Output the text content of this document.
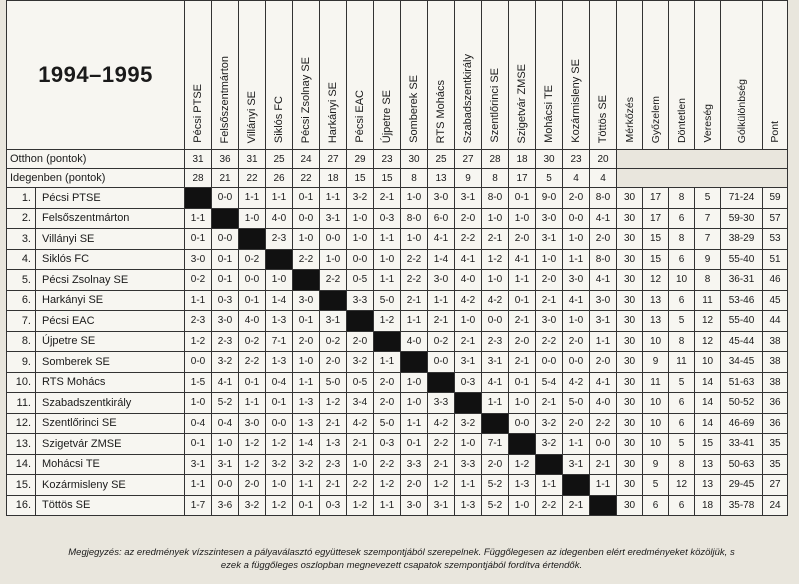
1994–1995		Pécsi PTSE	Felsőszentmárton	Villányi SE	Siklós FC	Pécsi Zsolnay SE	Harkányi SE	Pécsi EAC	Újpetre SE	Somberek SE	RTS Mohács	Szabadszentkirály	Szentlőrinci SE	Szigetvár ZMSE	Mohácsi TE	Kozármisleny SE	Töttös SE	Mérkőzés	Győzelem	Döntetlen	Vereség	Gólkülönbség	Pont

Otthon (pontok)		31	36	31	25	24	27	29	23	30	25	27	28	18	30	23	20						
Idegenben (pontok)		28	21	22	26	22	18	15	15	8	13	9	8	17	5	4	4						
1.	Pécsi PTSE		0-0	1-1	1-1	0-1	1-1	3-2	2-1	1-0	3-0	3-1	8-0	0-1	9-0	2-0	8-0	30	17	8	5	71-24	59
2.	Felsőszentmárton	1-1		1-0	4-0	0-0	3-1	1-0	0-3	8-0	6-0	2-0	1-0	1-0	3-0	0-0	4-1	30	17	6	7	59-30	57
3.	Villányi SE	0-1	0-0		2-3	1-0	0-0	1-0	1-1	1-0	4-1	2-2	2-1	2-0	3-1	1-0	2-0	30	15	8	7	38-29	53
4.	Siklós FC	3-0	0-1	0-2		2-2	1-0	0-0	1-0	2-2	1-4	4-1	1-2	4-1	1-0	1-1	8-0	30	15	6	9	55-40	51
5.	Pécsi Zsolnay SE	0-2	0-1	0-0	1-0		2-2	0-5	1-1	2-2	3-0	4-0	1-0	1-1	2-0	3-0	4-1	30	12	10	8	36-31	46
6.	Harkányi SE	1-1	0-3	0-1	1-4	3-0		3-3	5-0	2-1	1-1	4-2	4-2	0-1	2-1	4-1	3-0	30	13	6	11	53-46	45
7.	Pécsi EAC	2-3	3-0	4-0	1-3	0-1	3-1		1-2	1-1	2-1	1-0	0-0	2-1	3-0	1-0	3-1	30	13	5	12	55-40	44
8.	Újpetre SE	1-2	2-3	0-2	7-1	2-0	0-2	2-0		4-0	0-2	2-1	2-3	2-0	2-2	2-0	1-1	30	10	8	12	45-44	38
9.	Somberek SE	0-0	3-2	2-2	1-3	1-0	2-0	3-2	1-1		0-0	3-1	3-1	2-1	0-0	0-0	2-0	30	9	11	10	34-45	38
10.	RTS Mohács	1-5	4-1	0-1	0-4	1-1	5-0	0-5	2-0	1-0		0-3	4-1	0-1	5-4	4-2	4-1	30	11	5	14	51-63	38
11.	Szabadszentkirály	1-0	5-2	1-1	0-1	1-3	1-2	3-4	2-0	1-0	3-3		1-1	1-0	2-1	5-0	4-0	30	10	6	14	50-52	36
12.	Szentlőrinci SE	0-4	0-4	3-0	0-0	1-3	2-1	4-2	5-0	1-1	4-2	3-2		0-0	3-2	2-0	2-2	30	10	6	14	46-69	36
13.	Szigetvár ZMSE	0-1	1-0	1-2	1-2	1-4	1-3	2-1	0-3	0-1	2-2	1-0	7-1		3-2	1-1	0-0	30	10	5	15	33-41	35
14.	Mohácsi TE	3-1	3-1	1-2	3-2	3-2	2-3	1-0	2-2	3-3	2-1	3-3	2-0	1-2		3-1	2-1	30	9	8	13	50-63	35
15.	Kozármisleny SE	1-1	0-0	2-0	1-0	1-1	2-1	2-2	1-2	2-0	1-2	1-1	5-2	1-3	1-1		1-1	30	5	12	13	29-45	27
16.	Töttös SE	1-7	3-6	3-2	1-2	0-1	0-3	1-2	1-1	3-0	3-1	1-3	5-2	1-0	2-2	2-1		30	6	6	18	35-78	24
Megjegyzés: az eredmények vízszintesen a pályaválasztó együttesek szempontjából szerepelnek. Függőlegesen az idegenben elért eredményeket közöljük, s
ezek a függőleges oszlopban megnevezett csapatok szempontjából fordítva értendők.
